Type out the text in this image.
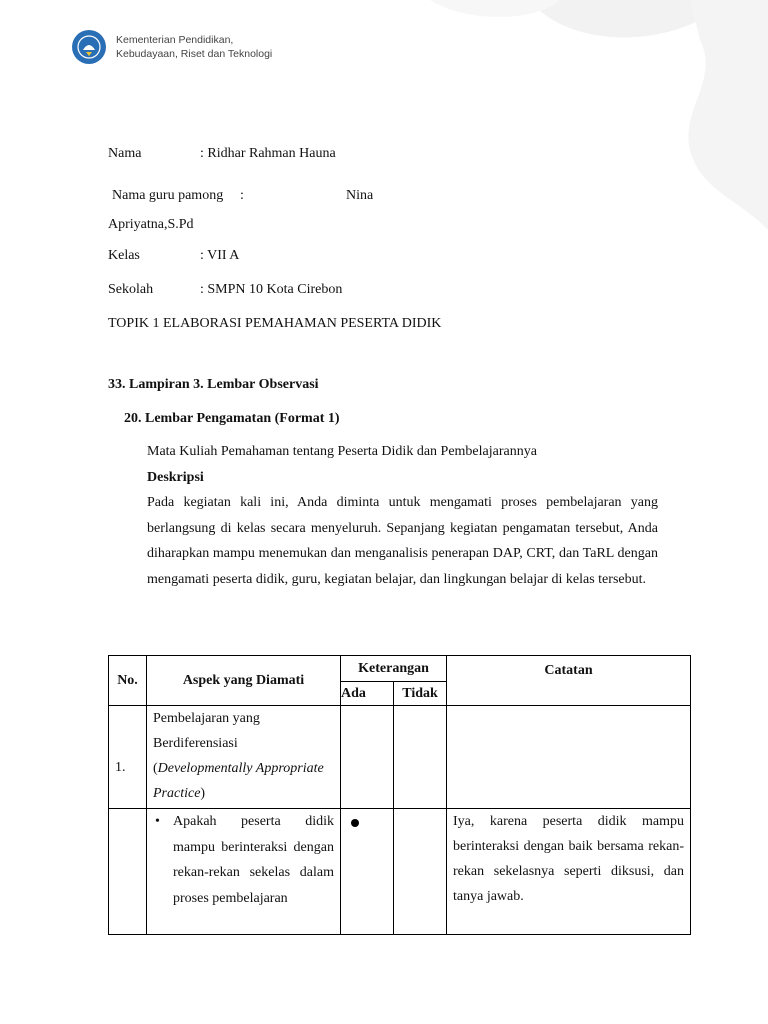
Kementerian Pendidikan,
Kebudayaan, Riset dan Teknologi
Nama	: Ridhar Rahman Hauna
Nama guru pamong :	Nina
Apriyatna,S.Pd
Kelas	: VII A
Sekolah	: SMPN 10 Kota Cirebon
TOPIK 1 ELABORASI PEMAHAMAN PESERTA DIDIK
33. Lampiran 3. Lembar Observasi
20. Lembar Pengamatan (Format 1)
Mata Kuliah Pemahaman tentang Peserta Didik dan Pembelajarannya
Deskripsi
Pada kegiatan kali ini, Anda diminta untuk mengamati proses pembelajaran yang berlangsung di kelas secara menyeluruh. Sepanjang kegiatan pengamatan tersebut, Anda diharapkan mampu menemukan dan menganalisis penerapan DAP, CRT, dan TaRL dengan mengamati peserta didik, guru, kegiatan belajar, dan lingkungan belajar di kelas tersebut.
No.	Aspek yang Diamati	Keterangan		Catatan
		Ada	Tidak	

1.	Pembelajaran yang Berdiferensiasi (Developmentally Appropriate Practice)			

	• Apakah peserta didik mampu berinteraksi dengan rekan-rekan sekelas dalam proses pembelajaran			Iya, karena peserta didik mampu berinteraksi dengan baik bersama rekan-rekan sekelasnya seperti diksusi, dan tanya jawab.
